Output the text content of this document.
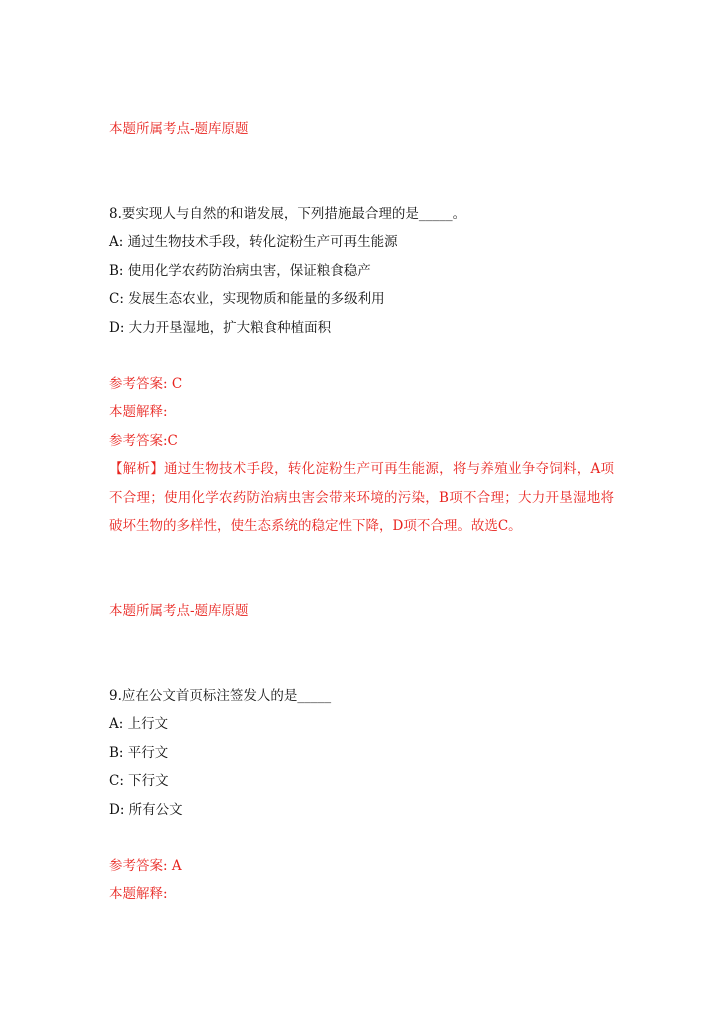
本题所属考点-题库原题
8.要实现人与自然的和谐发展，下列措施最合理的是_____。
A: 通过生物技术手段，转化淀粉生产可再生能源
B: 使用化学农药防治病虫害，保证粮食稳产
C: 发展生态农业，实现物质和能量的多级利用
D: 大力开垦湿地，扩大粮食种植面积
参考答案: C
本题解释:
参考答案:C
【解析】通过生物技术手段，转化淀粉生产可再生能源，将与养殖业争夺饲料，A项不合理；使用化学农药防治病虫害会带来环境的污染，B项不合理；大力开垦湿地将破坏生物的多样性，使生态系统的稳定性下降，D项不合理。故选C。
本题所属考点-题库原题
9.应在公文首页标注签发人的是_____
A: 上行文
B: 平行文
C: 下行文
D: 所有公文
参考答案: A
本题解释:
